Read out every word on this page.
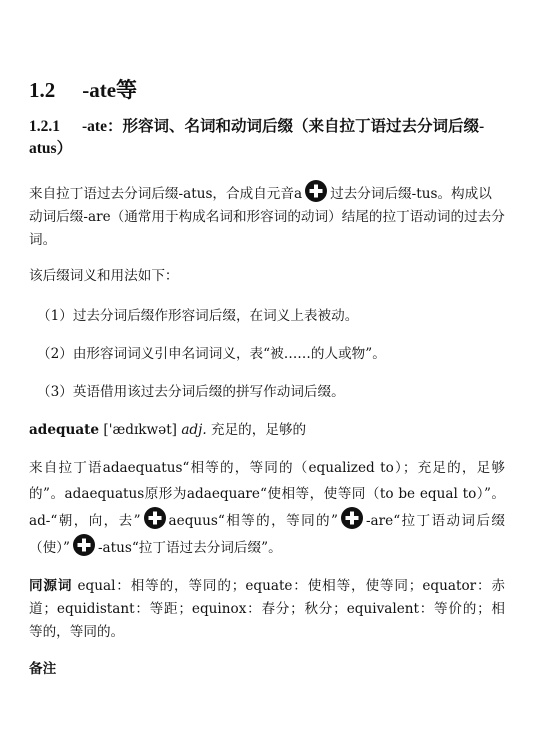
1.2 -ate等
1.2.1 -ate：形容词、名词和动词后缀（来自拉丁语过去分词后缀-atus）

来自拉丁语过去分词后缀-atus，合成自元音a 过去分词后缀-tus。构成以动词后缀-are（通常用于构成名词和形容词的动词）结尾的拉丁语动词的过去分词。

该后缀词义和用法如下：

（1）过去分词后缀作形容词后缀，在词义上表被动。

（2）由形容词词义引申名词词义，表“被……的人或物”。

（3）英语借用该过去分词后缀的拼写作动词后缀。

adequate ['ædɪkwət] adj. 充足的，足够的

来自拉丁语adaequatus“相等的，等同的（equalized to）；充足的，足够的”。adaequatus原形为adaequare“使相等，使等同（to be equal to）”。ad-“朝，向，去” aequus“相等的，等同的” -are“拉丁语动词后缀（使）” -atus“拉丁语过去分词后缀”。

同源词 equal：相等的，等同的；equate：使相等，使等同；equator：赤道；equidistant：等距；equinox：春分；秋分；equivalent：等价的；相等的，等同的。

备注
